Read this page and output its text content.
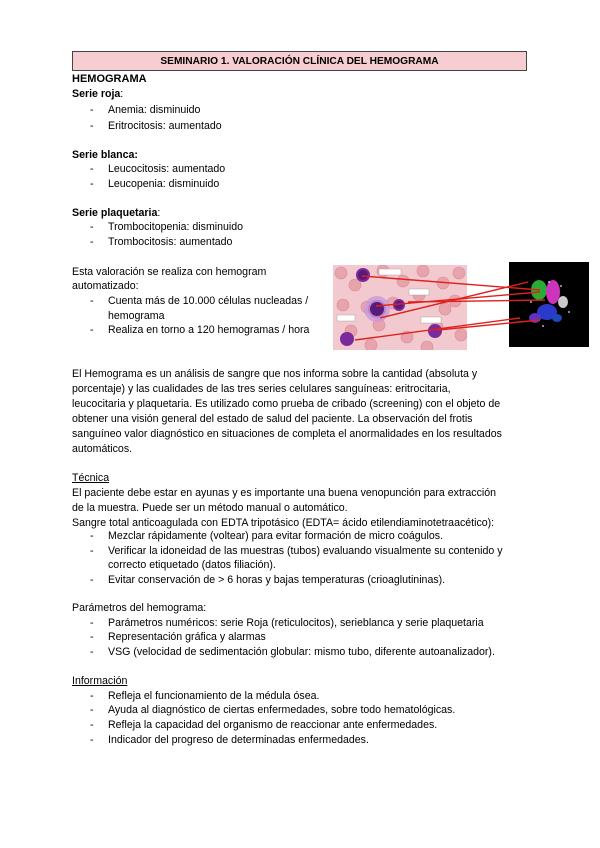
SEMINARIO 1. VALORACIÓN CLÍNICA DEL HEMOGRAMA
HEMOGRAMA
Serie roja:
- Anemia: disminuido
- Eritrocitosis: aumentado
Serie blanca:
- Leucocitosis: aumentado
- Leucopenia: disminuido
Serie plaquetaria:
- Trombocitopenia: disminuido
- Trombocitosis: aumentado
Esta valoración se realiza con hemogram
automatizado:
- Cuenta más de 10.000 células nucleadas /
hemograma
- Realiza en torno a 120 hemogramas / hora
El Hemograma es un análisis de sangre que nos informa sobre la cantidad (absoluta y
porcentaje) y las cualidades de las tres series celulares sanguíneas: eritrocitaria,
leucocitaria y plaquetaria. Es utilizado como prueba de cribado (screening) con el objeto de
obtener una visión general del estado de salud del paciente. La observación del frotis
sanguíneo valor diagnóstico en situaciones de completa el anormalidades en los resultados
automáticos.
Técnica
El paciente debe estar en ayunas y es importante una buena venopunción para extracción
de la muestra. Puede ser un método manual o automático.
Sangre total anticoagulada con EDTA tripotásico (EDTA= ácido etilendiaminotetraacético):
- Mezclar rápidamente (voltear) para evitar formación de micro coágulos.
- Verificar la idoneidad de las muestras (tubos) evaluando visualmente su contenido y
correcto etiquetado (datos filiación).
- Evitar conservación de > 6 horas y bajas temperaturas (crioaglutininas).
Parámetros del hemograma:
- Parámetros numéricos: serie Roja (reticulocitos), serieblanca y serie plaquetaria
- Representación gráfica y alarmas
- VSG (velocidad de sedimentación globular: mismo tubo, diferente autoanalizador).
Información
- Refleja el funcionamiento de la médula ósea.
- Ayuda al diagnóstico de ciertas enfermedades, sobre todo hematológicas.
- Refleja la capacidad del organismo de reaccionar ante enfermedades.
- Indicador del progreso de determinadas enfermedades.
